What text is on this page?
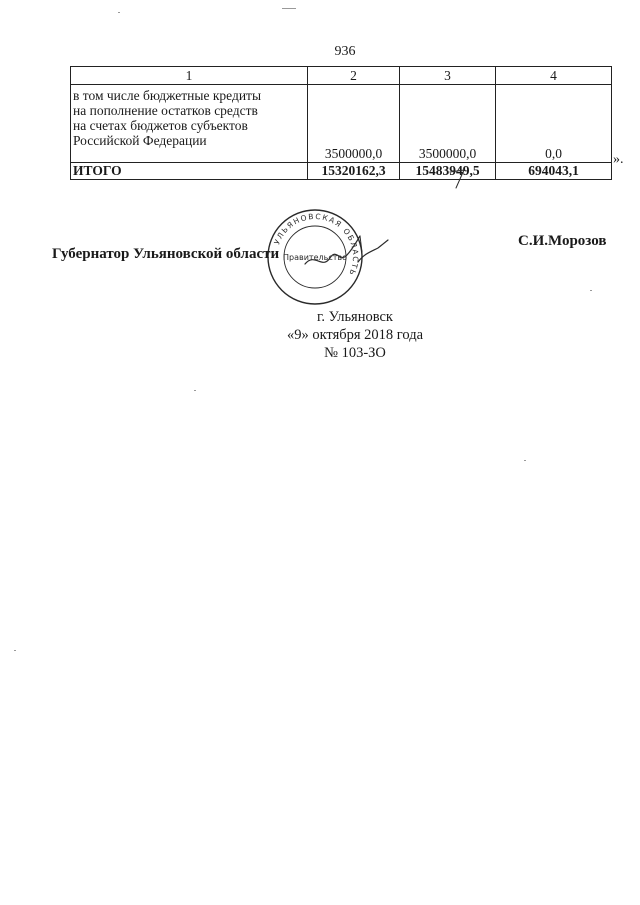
936
1	2	3	4

в том числе бюджетные кредиты
на пополнение остатков средств
на счетах бюджетов субъектов
Российской Федерации	3500000,0	3500000,0	0,0
ИТОГО	15320162,3	15483949,5	694043,1
».
С.И.Морозов
УЛЬЯНОВСКАЯ ОБЛАСТЬ
Правительство
Губернатор Ульяновской области
г. Ульяновск
«9» октября 2018 года
№ 103-ЗО
